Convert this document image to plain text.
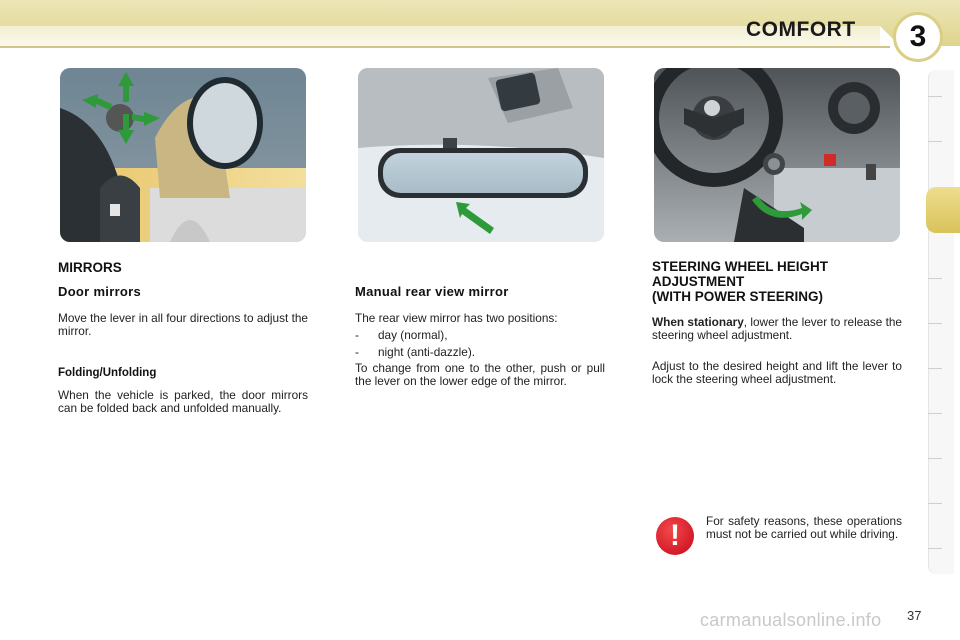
COMFORT	3
MIRRORS
Door mirrors
Move the lever in all four directions to adjust the mirror.
Folding/Unfolding
When the vehicle is parked, the door mirrors can be folded back and unfolded manually.
Manual rear view mirror
The rear view mirror has two positions:
- day (normal),
- night (anti-dazzle).
To change from one to the other, push or pull the lever on the lower edge of the mirror.
STEERING WHEEL HEIGHT
ADJUSTMENT
(WITH POWER STEERING)
When stationary, lower the lever to release the steering wheel adjustment.
Adjust to the desired height and lift the lever to lock the steering wheel adjustment.
!	For safety reasons, these operations must not be carried out while driving.
carmanualsonline.info 37
